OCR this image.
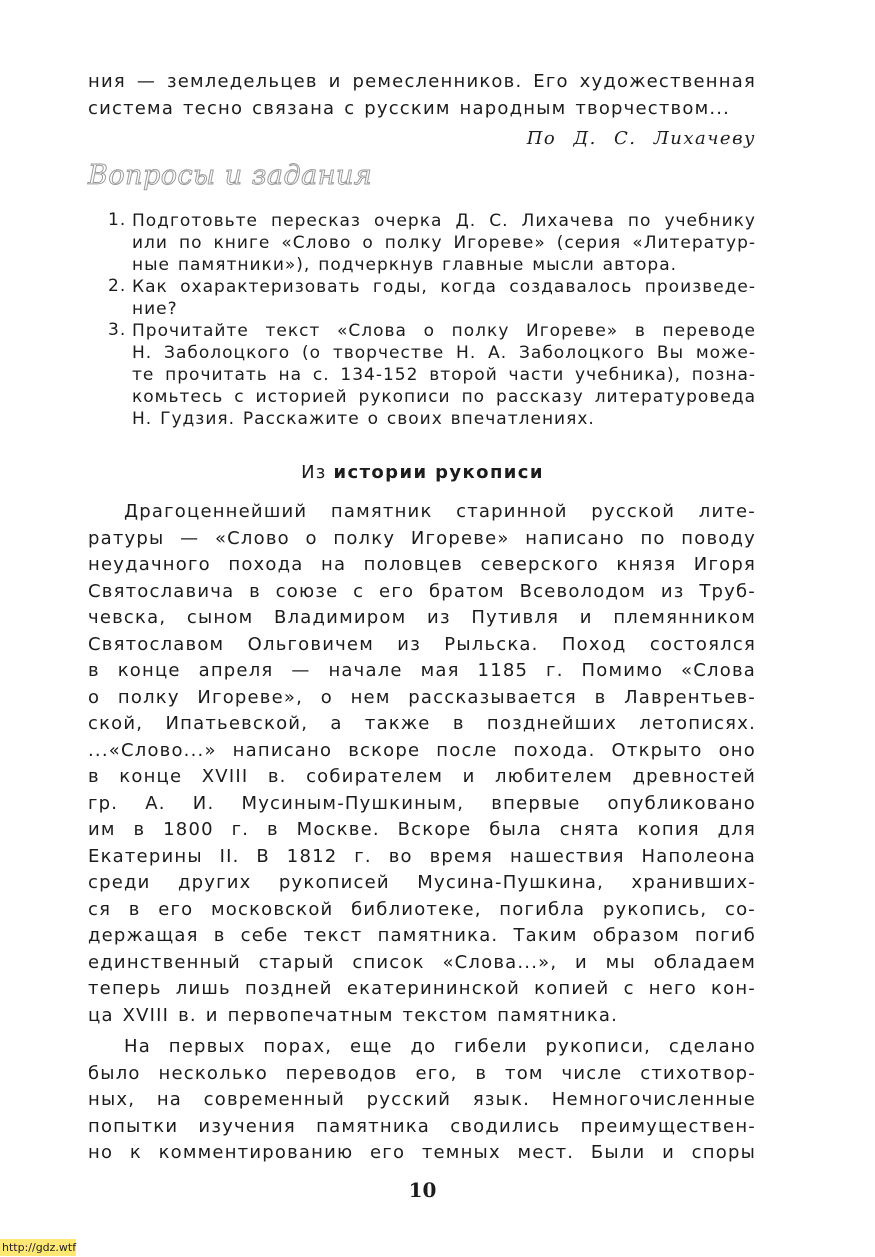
ния — земледельцев и ремесленников. Его художественная
система тесно связана с русским народным творчеством...
По Д. С. Лихачеву
Вопросы и задания
1. Подготовьте пересказ очерка Д. С. Лихачева по учебнику
или по книге «Слово о полку Игореве» (серия «Литератур-
ные памятники»), подчеркнув главные мысли автора.
2. Как охарактеризовать годы, когда создавалось произведе-
ние?
3. Прочитайте текст «Слова о полку Игореве» в переводе
Н. Заболоцкого (о творчестве Н. А. Заболоцкого Вы може-
те прочитать на с. 134-152 второй части учебника), позна-
комьтесь с историей рукописи по рассказу литературоведа
Н. Гудзия. Расскажите о своих впечатлениях.
Из истории рукописи
Драгоценнейший памятник старинной русской лите-
ратуры — «Слово о полку Игореве» написано по поводу
неудачного похода на половцев северского князя Игоря
Святославича в союзе с его братом Всеволодом из Труб-
чевска, сыном Владимиром из Путивля и племянником
Святославом Ольговичем из Рыльска. Поход состоялся
в конце апреля — начале мая 1185 г. Помимо «Слова
о полку Игореве», о нем рассказывается в Лаврентьев-
ской, Ипатьевской, а также в позднейших летописях.
...«Слово...» написано вскоре после похода. Открыто оно
в конце XVIII в. собирателем и любителем древностей
гр. А. И. Мусиным-Пушкиным, впервые опубликовано
им в 1800 г. в Москве. Вскоре была снята копия для
Екатерины II. В 1812 г. во время нашествия Наполеона
среди других рукописей Мусина-Пушкина, хранивших-
ся в его московской библиотеке, погибла рукопись, со-
держащая в себе текст памятника. Таким образом погиб
единственный старый список «Слова...», и мы обладаем
теперь лишь поздней екатерининской копией с него кон-
ца XVIII в. и первопечатным текстом памятника.
На первых порах, еще до гибели рукописи, сделано
было несколько переводов его, в том числе стихотвор-
ных, на современный русский язык. Немногочисленные
попытки изучения памятника сводились преимуществен-
но к комментированию его темных мест. Были и споры
10
http://gdz.wtf
